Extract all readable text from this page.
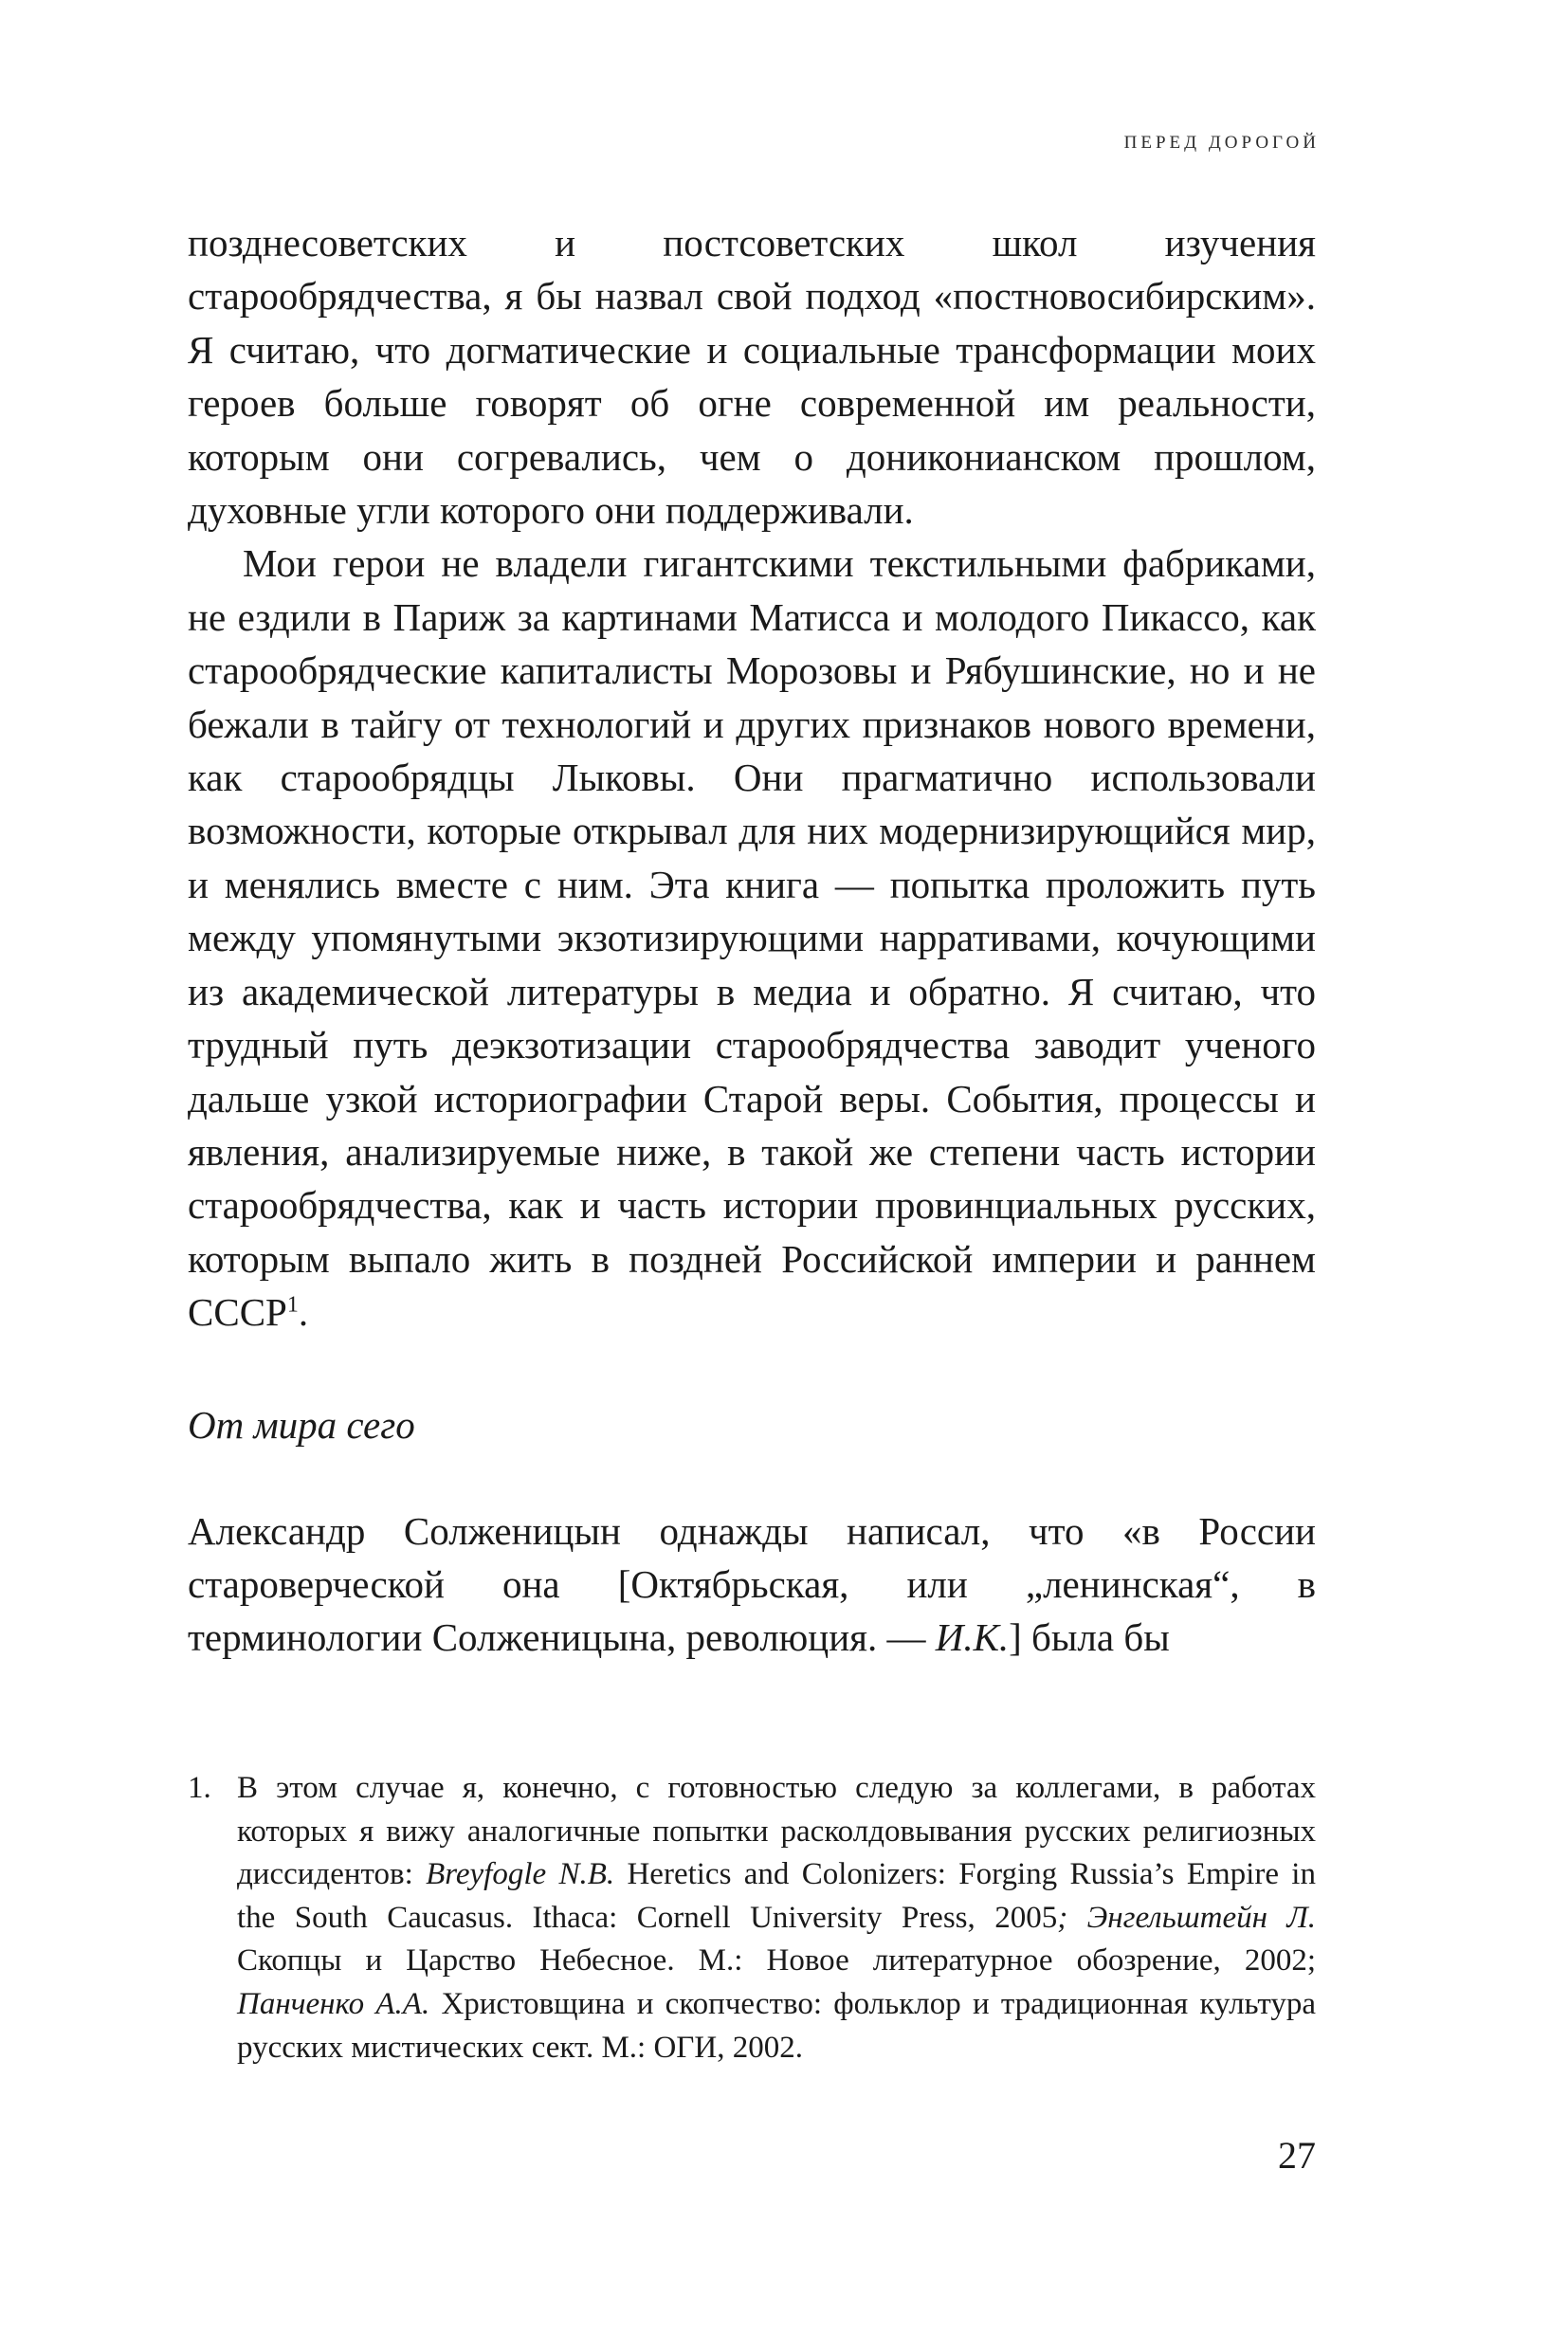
ПЕРЕД ДОРОГОЙ

позднесоветских и постсоветских школ изучения старообрядчества, я бы назвал свой подход «постновосибирским». Я считаю, что догматические и социальные трансформации моих героев больше говорят об огне современной им реальности, которым они согревались, чем о дониконианском прошлом, духовные угли которого они поддерживали.

Мои герои не владели гигантскими текстильными фабриками, не ездили в Париж за картинами Матисса и молодого Пикассо, как старообрядческие капиталисты Морозовы и Рябушинские, но и не бежали в тайгу от технологий и других признаков нового времени, как старообрядцы Лыковы. Они прагматично использовали возможности, которые открывал для них модернизирующийся мир, и менялись вместе с ним. Эта книга — попытка проложить путь между упомянутыми экзотизирующими нарративами, кочующими из академической литературы в медиа и обратно. Я считаю, что трудный путь деэкзотизации старообрядчества заводит ученого дальше узкой историографии Старой веры. События, процессы и явления, анализируемые ниже, в такой же степени часть истории старообрядчества, как и часть истории провинциальных русских, которым выпало жить в поздней Российской империи и раннем СССР$^1$.

От мира сего

Александр Солженицын однажды написал, что «в России староверческой она [Октябрьская, или „ленинская“, в терминологии Солженицына, революция. — И.К.] была бы

1. В этом случае я, конечно, с готовностью следую за коллегами, в работах которых я вижу аналогичные попытки расколдовывания русских религиозных диссидентов: Breyfogle N.B. Heretics and Colonizers: Forging Russia’s Empire in the South Caucasus. Ithaca: Cornell University Press, 2005; Энгельштейн Л. Скопцы и Царство Небесное. М.: Новое литературное обозрение, 2002; Панченко А.А. Христовщина и скопчество: фольклор и традиционная культура русских мистических сект. М.: ОГИ, 2002.
27
